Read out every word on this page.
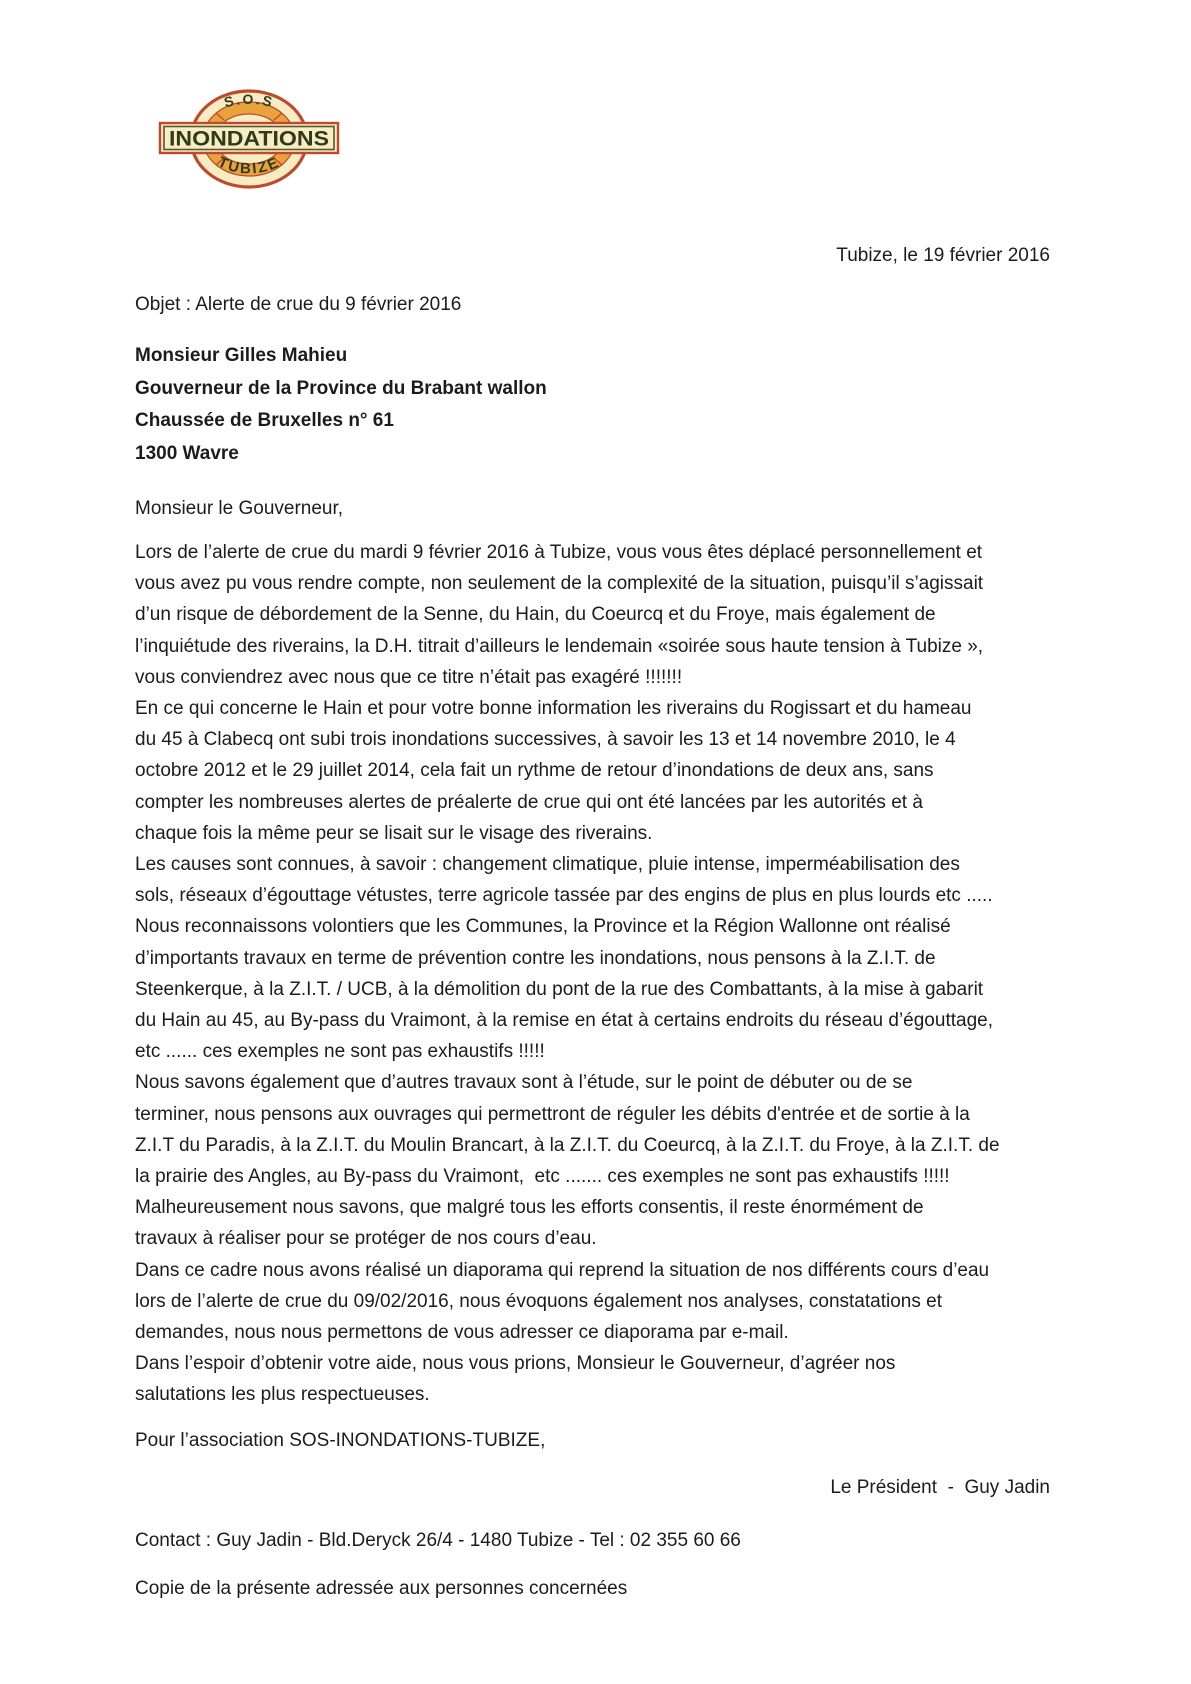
S.O.S
INONDATIONS
TUBIZE
Tubize, le 19 février 2016
Objet : Alerte de crue du 9 février 2016
Monsieur Gilles Mahieu
Gouverneur de la Province du Brabant wallon
Chaussée de Bruxelles n° 61
1300 Wavre
Monsieur le Gouverneur,
Lors de l’alerte de crue du mardi 9 février 2016 à Tubize, vous vous êtes déplacé personnellement et
vous avez pu vous rendre compte, non seulement de la complexité de la situation, puisqu’il s’agissait
d’un risque de débordement de la Senne, du Hain, du Coeurcq et du Froye, mais également de
l’inquiétude des riverains, la D.H. titrait d’ailleurs le lendemain «soirée sous haute tension à Tubize »,
vous conviendrez avec nous que ce titre n’était pas exagéré !!!!!!!
En ce qui concerne le Hain et pour votre bonne information les riverains du Rogissart et du hameau
du 45 à Clabecq ont subi trois inondations successives, à savoir les 13 et 14 novembre 2010, le 4
octobre 2012 et le 29 juillet 2014, cela fait un rythme de retour d’inondations de deux ans, sans
compter les nombreuses alertes de préalerte de crue qui ont été lancées par les autorités et à
chaque fois la même peur se lisait sur le visage des riverains.
Les causes sont connues, à savoir : changement climatique, pluie intense, imperméabilisation des
sols, réseaux d’égouttage vétustes, terre agricole tassée par des engins de plus en plus lourds etc .....
Nous reconnaissons volontiers que les Communes, la Province et la Région Wallonne ont réalisé
d’importants travaux en terme de prévention contre les inondations, nous pensons à la Z.I.T. de
Steenkerque, à la Z.I.T. / UCB, à la démolition du pont de la rue des Combattants, à la mise à gabarit
du Hain au 45, au By-pass du Vraimont, à la remise en état à certains endroits du réseau d’égouttage,
etc ...... ces exemples ne sont pas exhaustifs !!!!!
Nous savons également que d’autres travaux sont à l’étude, sur le point de débuter ou de se
terminer, nous pensons aux ouvrages qui permettront de réguler les débits d'entrée et de sortie à la
Z.I.T du Paradis, à la Z.I.T. du Moulin Brancart, à la Z.I.T. du Coeurcq, à la Z.I.T. du Froye, à la Z.I.T. de
la prairie des Angles, au By-pass du Vraimont,  etc ....... ces exemples ne sont pas exhaustifs !!!!!
Malheureusement nous savons, que malgré tous les efforts consentis, il reste énormément de
travaux à réaliser pour se protéger de nos cours d’eau.
Dans ce cadre nous avons réalisé un diaporama qui reprend la situation de nos différents cours d’eau
lors de l’alerte de crue du 09/02/2016, nous évoquons également nos analyses, constatations et
demandes, nous nous permettons de vous adresser ce diaporama par e-mail.
Dans l’espoir d’obtenir votre aide, nous vous prions, Monsieur le Gouverneur, d’agréer nos
salutations les plus respectueuses.
Pour l’association SOS-INONDATIONS-TUBIZE,
Le Président  -  Guy Jadin
Contact : Guy Jadin - Bld.Deryck 26/4 - 1480 Tubize - Tel : 02 355 60 66
Copie de la présente adressée aux personnes concernées
